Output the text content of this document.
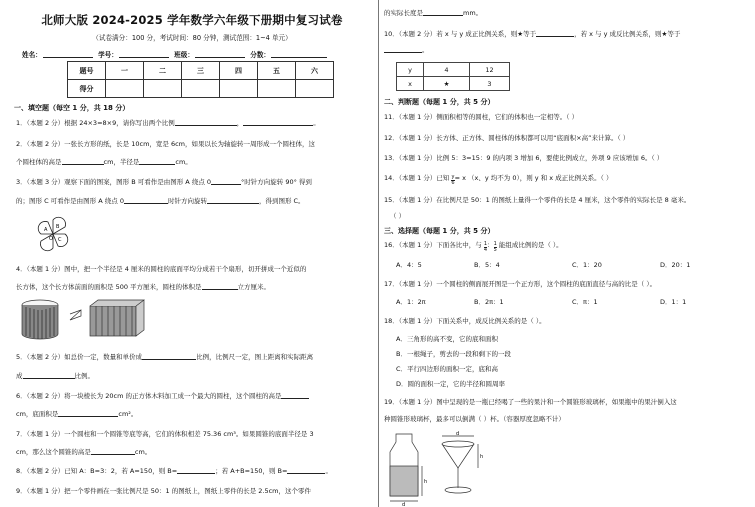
北师大版 2024-2025 学年数学六年级下册期中复习试卷
（试卷满分：100 分，考试时间：80 分钟，测试范围：1~4 单元）
姓名：	学号：	班级：	分数：
题号	一	二	三	四	五	六
得分						
一、填空题（每空 1 分，共 18 分）
1．（本题 2 分）根据 24×3=8×9，请你写出两个比例	，	。
2．（本题 2 分）一张长方形的纸，长是 10cm，宽是 6cm，如果以长为轴旋转一周形成一个圆柱体，这
个圆柱体的高是	cm，半径是	cm。
3．（本题 3 分）观察下面的图案，图形 B 可看作是由图形 A 绕点 0	°时针方向旋转 90° 得到
的；图形 C 可看作是由图形 A 绕点 0	时针方向旋转	，得到图形 C。
A B
C
O
4．（本题 1 分）图中，把一个半径是 4 厘米的圆柱的底面平均分成若干个扇形，切开拼成一个近似的
长方体，这个长方体前面的面积是 500 平方厘米，圆柱的体积是	立方厘米。
5．（本题 2 分）如总价一定，数量和单价成	比例，比例尺一定，图上距离和实际距离
成	比例。
6．（本题 2 分）将一块棱长为 20cm 的正方体木料加工成一个最大的圆柱，这个圆柱的高是
cm，底面积是	cm²。
7．（本题 1 分）一个圆柱和一个圆锥等底等高，它们的体积相差 75.36 cm³。如果圆锥的底面半径是 3
cm，那么这个圆锥的高是	cm。
8．（本题 2 分）已知 A：B=3：2，若 A=150，则 B=	；若 A+B=150，则 B=	。
9．（本题 1 分）把一个零件画在一张比例尺是 50：1 的图纸上，图纸上零件的长是 2.5cm，这个零件
的实际长度是	mm。
10．（本题 2 分）若 x 与 y 成正比例关系，则★等于	，若 x 与 y 成反比例关系，则★等于
。
y	4	12
x	★	3
二、判断题（每题 1 分，共 5 分）
11．（本题 1 分）侧面积相等的圆柱，它们的体积也一定相等。（ ）
12．（本题 1 分）长方体、正方体、圆柱体的体积都可以用“底面积×高”来计算。（ ）
13．（本题 1 分）比例 5：3=15：9 的内项 3 增加 6，要使比例成立，外项 9 应该增加 6。（ ）
14．（本题 1 分）已知 $\frac{y}{6} = x$ （x、y 均不为 0），则 y 和 x 成正比例关系。（ ）
15．（本题 1 分）在比例尺是 50：1 的图纸上量得一个零件的长是 4 厘米，这个零件的实际长是 8 毫米。
（ ）
三、选择题（每题 1 分，共 5 分）
16．（本题 1 分）下面各比中，与 $\frac{1}{4}$ ： $\frac{1}{5}$ 能组成比例的是（ ）。
A．4：5	B．5：4	C．1：20	D．20：1
17．（本题 1 分）一个圆柱的侧面展开图是一个正方形，这个圆柱的底面直径与高的比是（ ）。
A．1：2π	B．2π：1	C．π：1	D．1：1
18．（本题 1 分）下面关系中，成反比例关系的是（ ）。
A．三角形的高不变，它的底和面积
B．一根绳子，剪去的一段和剩下的一段
C．平行四边形的面积一定，底和高
D．圆的面积一定，它的半径和圆周率
19．（本题 1 分）图中呈现的是一瓶已经喝了一些的果汁和一个圆锥形玻璃杯，如果瓶中的果汁倒入这
种圆锥形玻璃杯，最多可以倒满（ ）杯。（容器厚度忽略不计）
d
h
d
h
